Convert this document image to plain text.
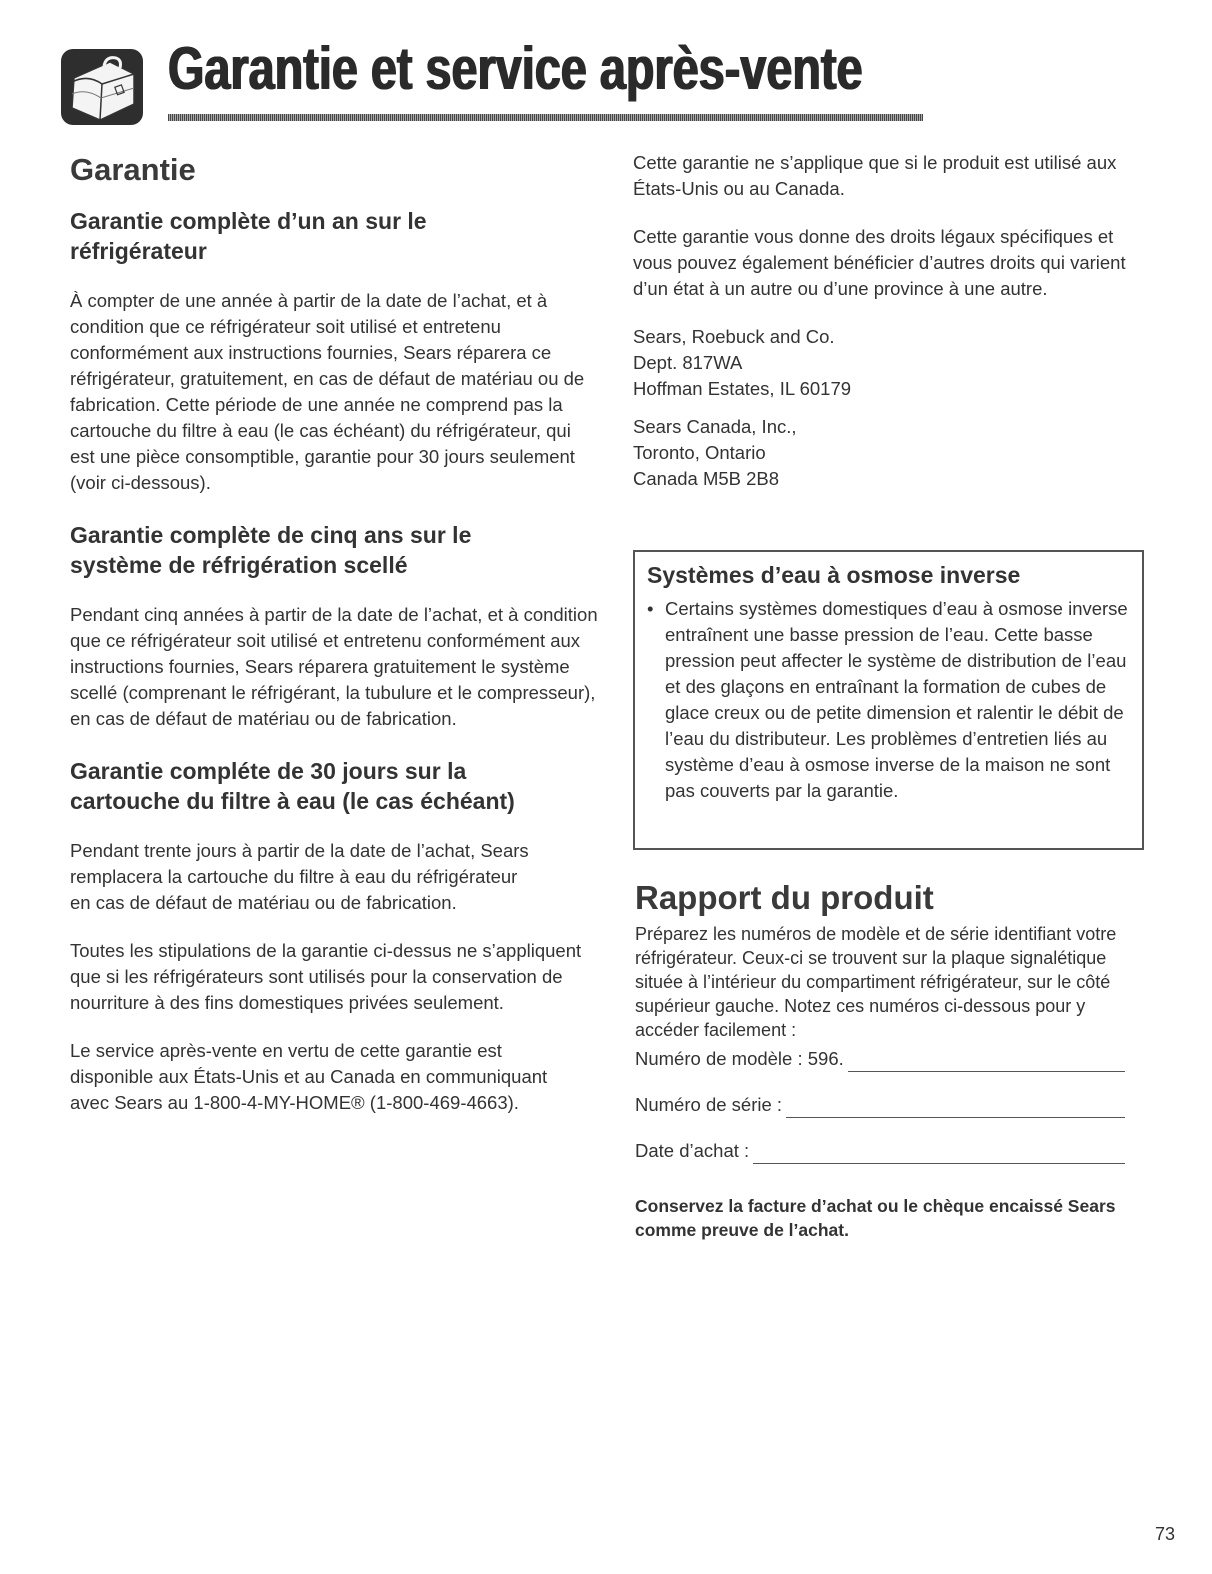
Garantie et service après-vente
Garantie
Garantie complète d’un an sur le réfrigérateur

À compter de une année à partir de la date de l’achat, et à condition que ce réfrigérateur soit utilisé et entretenu conformément aux instructions fournies, Sears réparera ce réfrigérateur, gratuitement, en cas de défaut de matériau ou de fabrication. Cette période de une année ne comprend pas la cartouche du filtre à eau (le cas échéant) du réfrigérateur, qui est une pièce consomptible, garantie pour 30 jours seulement (voir ci-dessous).

Garantie complète de cinq ans sur le système de réfrigération scellé

Pendant cinq années à partir de la date de l’achat, et à condition que ce réfrigérateur soit utilisé et entretenu conformément aux instructions fournies, Sears réparera gratuitement le système scellé (comprenant le réfrigérant, la tubulure et le compresseur), en cas de défaut de matériau ou de fabrication.

Garantie compléte de 30 jours sur la cartouche du filtre à eau (le cas échéant)

Pendant trente jours à partir de la date de l’achat, Sears remplacera la cartouche du filtre à eau du réfrigérateur en cas de défaut de matériau ou de fabrication.

Toutes les stipulations de la garantie ci-dessus ne s’appliquent que si les réfrigérateurs sont utilisés pour la conservation de nourriture à des fins domestiques privées seulement.

Le service après-vente en vertu de cette garantie est disponible aux États-Unis et au Canada en communiquant avec Sears au 1-800-4-MY-HOME® (1-800-469-4663).

Cette garantie ne s’applique que si le produit est utilisé aux États-Unis ou au Canada.

Cette garantie vous donne des droits légaux spécifiques et vous pouvez également bénéficier d’autres droits qui varient d’un état à un autre ou d’une province à une autre.

Sears, Roebuck and Co.
Dept. 817WA
Hoffman Estates, IL 60179
Sears Canada, Inc.,
Toronto, Ontario
Canada M5B 2B8
Systèmes d’eau à osmose inverse
• Certains systèmes domestiques d’eau à osmose inverse entraînent une basse pression de l’eau. Cette basse pression peut affecter le système de distribution de l’eau et des glaçons en entraînant la formation de cubes de glace creux ou de petite dimension et ralentir le débit de l’eau du distributeur. Les problèmes d’entretien liés au système d’eau à osmose inverse de la maison ne sont pas couverts par la garantie.
Rapport du produit

Préparez les numéros de modèle et de série identifiant votre réfrigérateur. Ceux-ci se trouvent sur la plaque signalétique située à l’intérieur du compartiment réfrigérateur, sur le côté supérieur gauche. Notez ces numéros ci-dessous pour y accéder facilement :

Numéro de modèle : 596.
Numéro de série :
Date d’achat :

Conservez la facture d’achat ou le chèque encaissé Sears comme preuve de l’achat.

73
